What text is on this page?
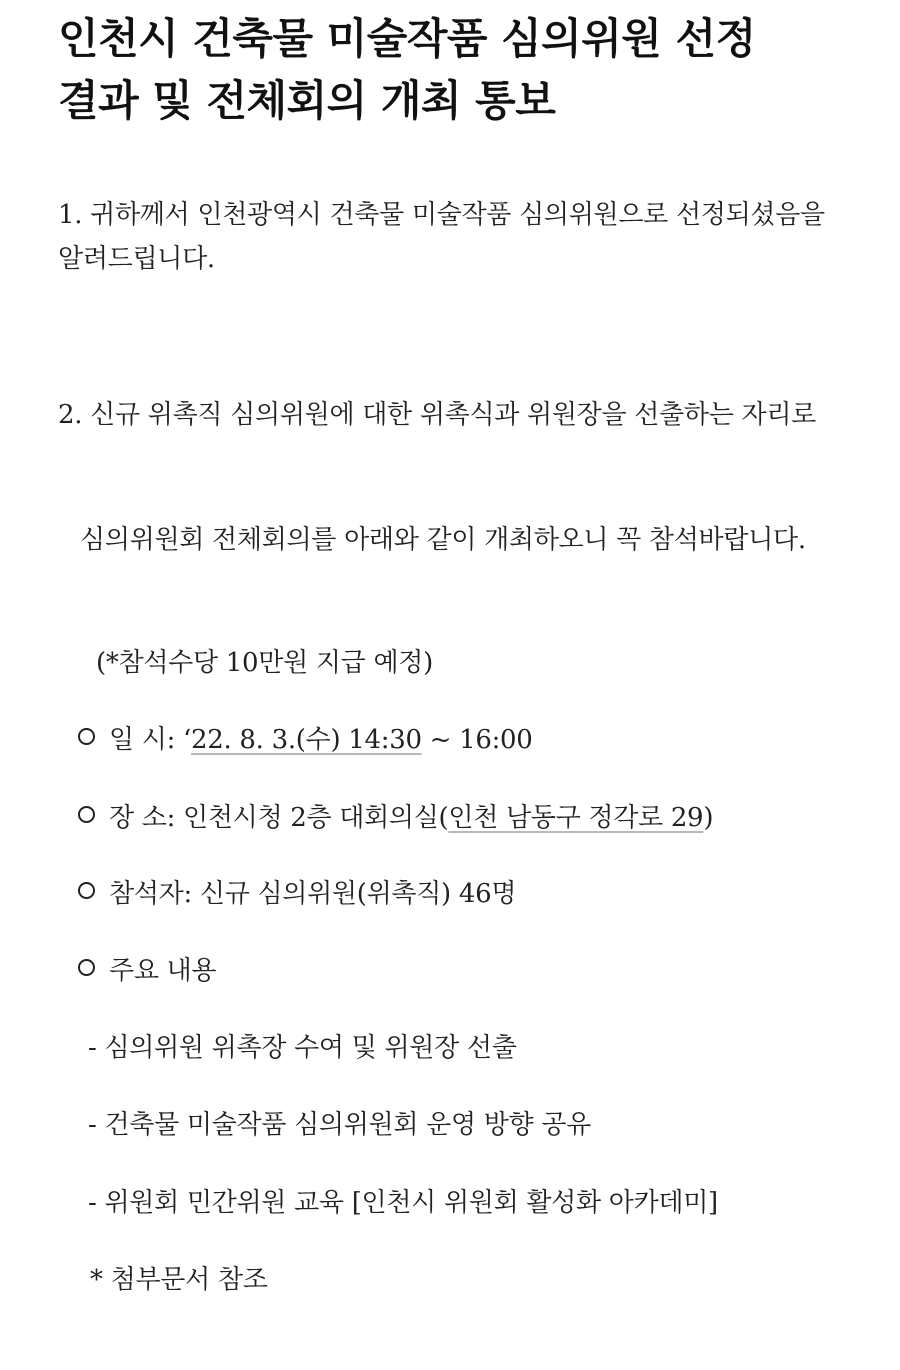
인천시 건축물 미술작품 심의위원 선정
결과 및 전체회의 개최 통보

1. 귀하께서 인천광역시 건축물 미술작품 심의위원으로 선정되셨음을 알려드립니다.

2. 신규 위촉직 심의위원에 대한 위촉식과 위원장을 선출하는 자리로

심의위원회 전체회의를 아래와 같이 개최하오니 꼭 참석바랍니다.

(*참석수당 10만원 지급 예정)

일 시: ‘22. 8. 3.(수) 14:30 ~ 16:00

장 소: 인천시청 2층 대회의실(인천 남동구 정각로 29)

참석자: 신규 심의위원(위촉직) 46명

주요 내용

- 심의위원 위촉장 수여 및 위원장 선출

- 건축물 미술작품 심의위원회 운영 방향 공유

- 위원회 민간위원 교육 [인천시 위원회 활성화 아카데미]

* 첨부문서 참조
